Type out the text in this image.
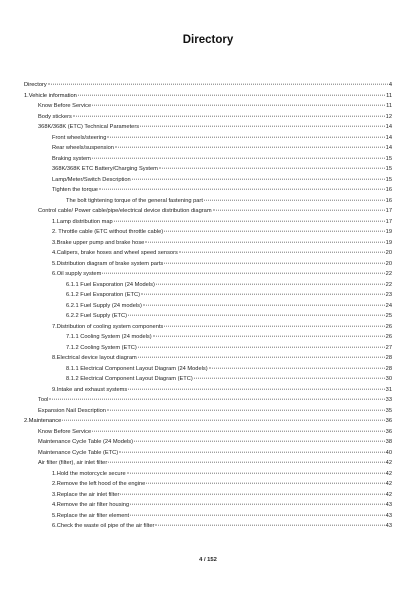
Directory
Directory	4
1.Vehicle information	11
Know Before Service	11
Body stickers	12
368K/368K (ETC) Technical Parameters	14
Front wheels/steering	14
Rear wheels/suspension	14
Braking system	15
368K/368K ETC Battery/Charging System	15
Lamp/Meter/Switch Description	15
Tighten the torque	16
The bolt tightening torque of the general fastening part	16
Control cable/ Power cable/pipe/electrical device distribution diagram	17
1.Lamp distribution map	17
2. Throttle cable (ETC without throttle cable)	19
3.Brake upper pump and brake hose	19
4.Calipers, brake hoses and wheel speed sensors	20
5.Distribution diagram of brake system parts	20
6.Oil supply system	22
6.1.1 Fuel Evaporation (24 Models)	22
6.1.2 Fuel Evaporation (ETC)	23
6.2.1 Fuel Supply (24 models)	24
6.2.2 Fuel Supply (ETC)	25
7.Distribution of cooling system components	26
7.1.1 Cooling System (24 models)	26
7.1.2 Cooling System (ETC)	27
8.Electrical device layout diagram	28
8.1.1 Electrical Component Layout Diagram (24 Models)	28
8.1.2 Electrical Component Layout Diagram (ETC)	30
9.Intake and exhaust systems	31
Tool	33
Expansion Nail Description	35
2.Maintenance	36
Know Before Service	36
Maintenance Cycle Table (24 Models)	38
Maintenance Cycle Table (ETC)	40
Air filter (filter), air inlet filter	42
1.Hold the motorcycle secure	42
2.Remove the left hood of the engine	42
3.Replace the air inlet filter	42
4.Remove the air filter housing	43
5.Replace the air filter element	43
6.Check the waste oil pipe of the air filter	43
4 / 152
